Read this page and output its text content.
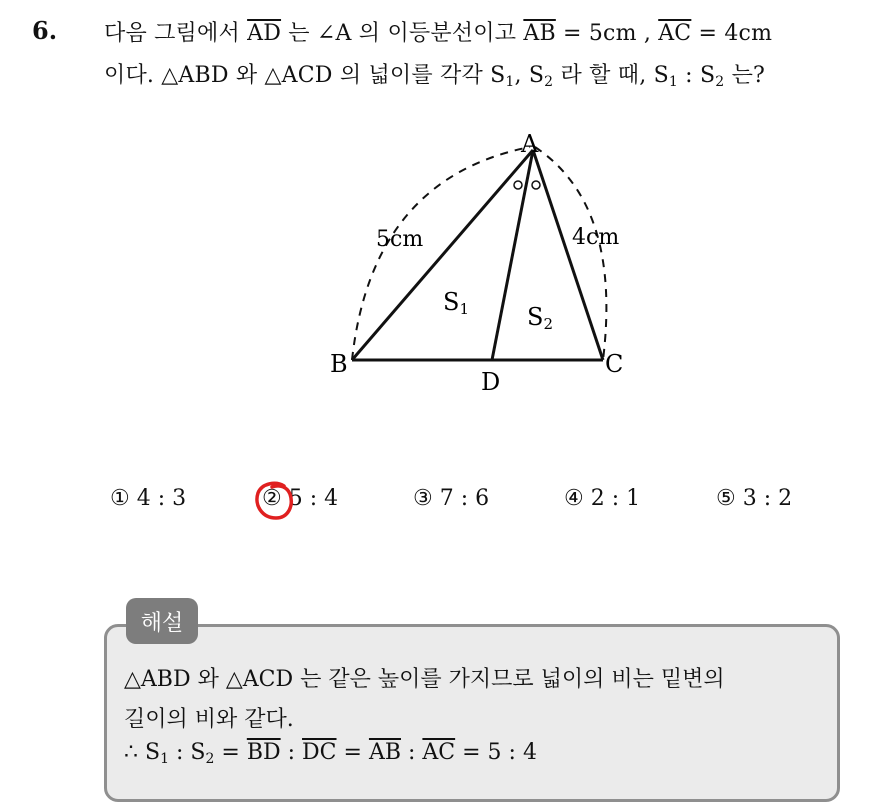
6. 다음 그림에서 $\overline{AD}$ 는 ∠A 의 이등분선이고 $\overline{AB} = 5cm$ , $\overline{AC} = 4cm$
이다. △ABD 와 △ACD 의 넓이를 각각 $S_1$, $S_2$ 라 할 때, $S_1$ : $S_2$ 는?
A
B	C
D
5cm	4cm
S1 S2
① 4 : 3	② 5 : 4	③ 7 : 6	④ 2 : 1	⑤ 3 : 2
해설
△ABD 와 △ACD 는 같은 높이를 가지므로 넓이의 비는 밑변의
길이의 비와 같다.
∴ $S_1$ : $S_2 = \overline{BD}$ : $\overline{DC} = \overline{AB}$ : $\overline{AC} = 5$ : 4
